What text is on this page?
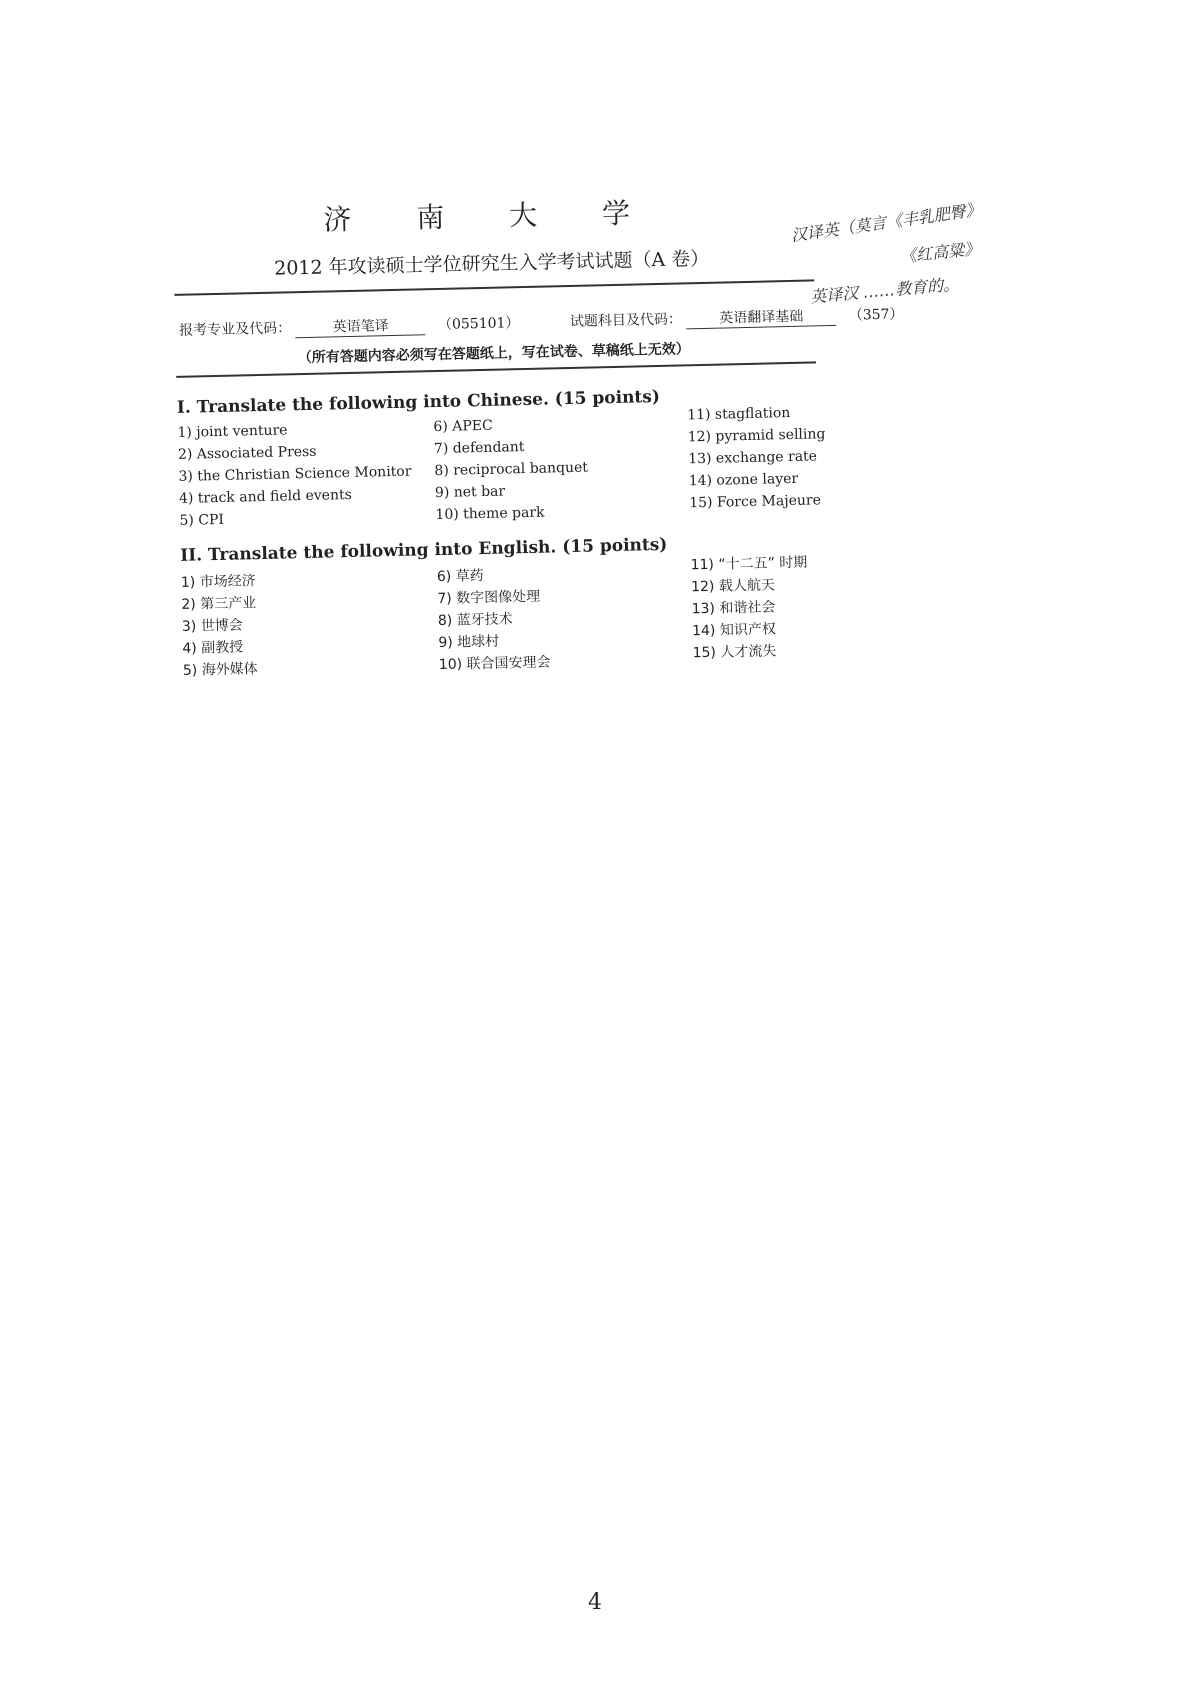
济 南 大 学
2012 年攻读硕士学位研究生入学考试试题（A 卷）
报考专业及代码：	英语笔译	（055101）	试题科目及代码：	英语翻译基础	（357）
（所有答题内容必须写在答题纸上，写在试卷、草稿纸上无效）
I. Translate the following into Chinese. (15 points)
1) joint venture
2) Associated Press
3) the Christian Science Monitor
4) track and field events
5) CPI
6) APEC
7) defendant
8) reciprocal banquet
9) net bar
10) theme park
11) stagflation
12) pyramid selling
13) exchange rate
14) ozone layer
15) Force Majeure
II. Translate the following into English. (15 points)
1) 市场经济
2) 第三产业
3) 世博会
4) 副教授
5) 海外媒体
6) 草药
7) 数字图像处理
8) 蓝牙技术
9) 地球村
10) 联合国安理会
11) “十二五” 时期
12) 载人航天
13) 和谐社会
14) 知识产权
15) 人才流失
汉译英（莫言《丰乳肥臀》
《红高粱》
英译汉 ……教育的。
4
